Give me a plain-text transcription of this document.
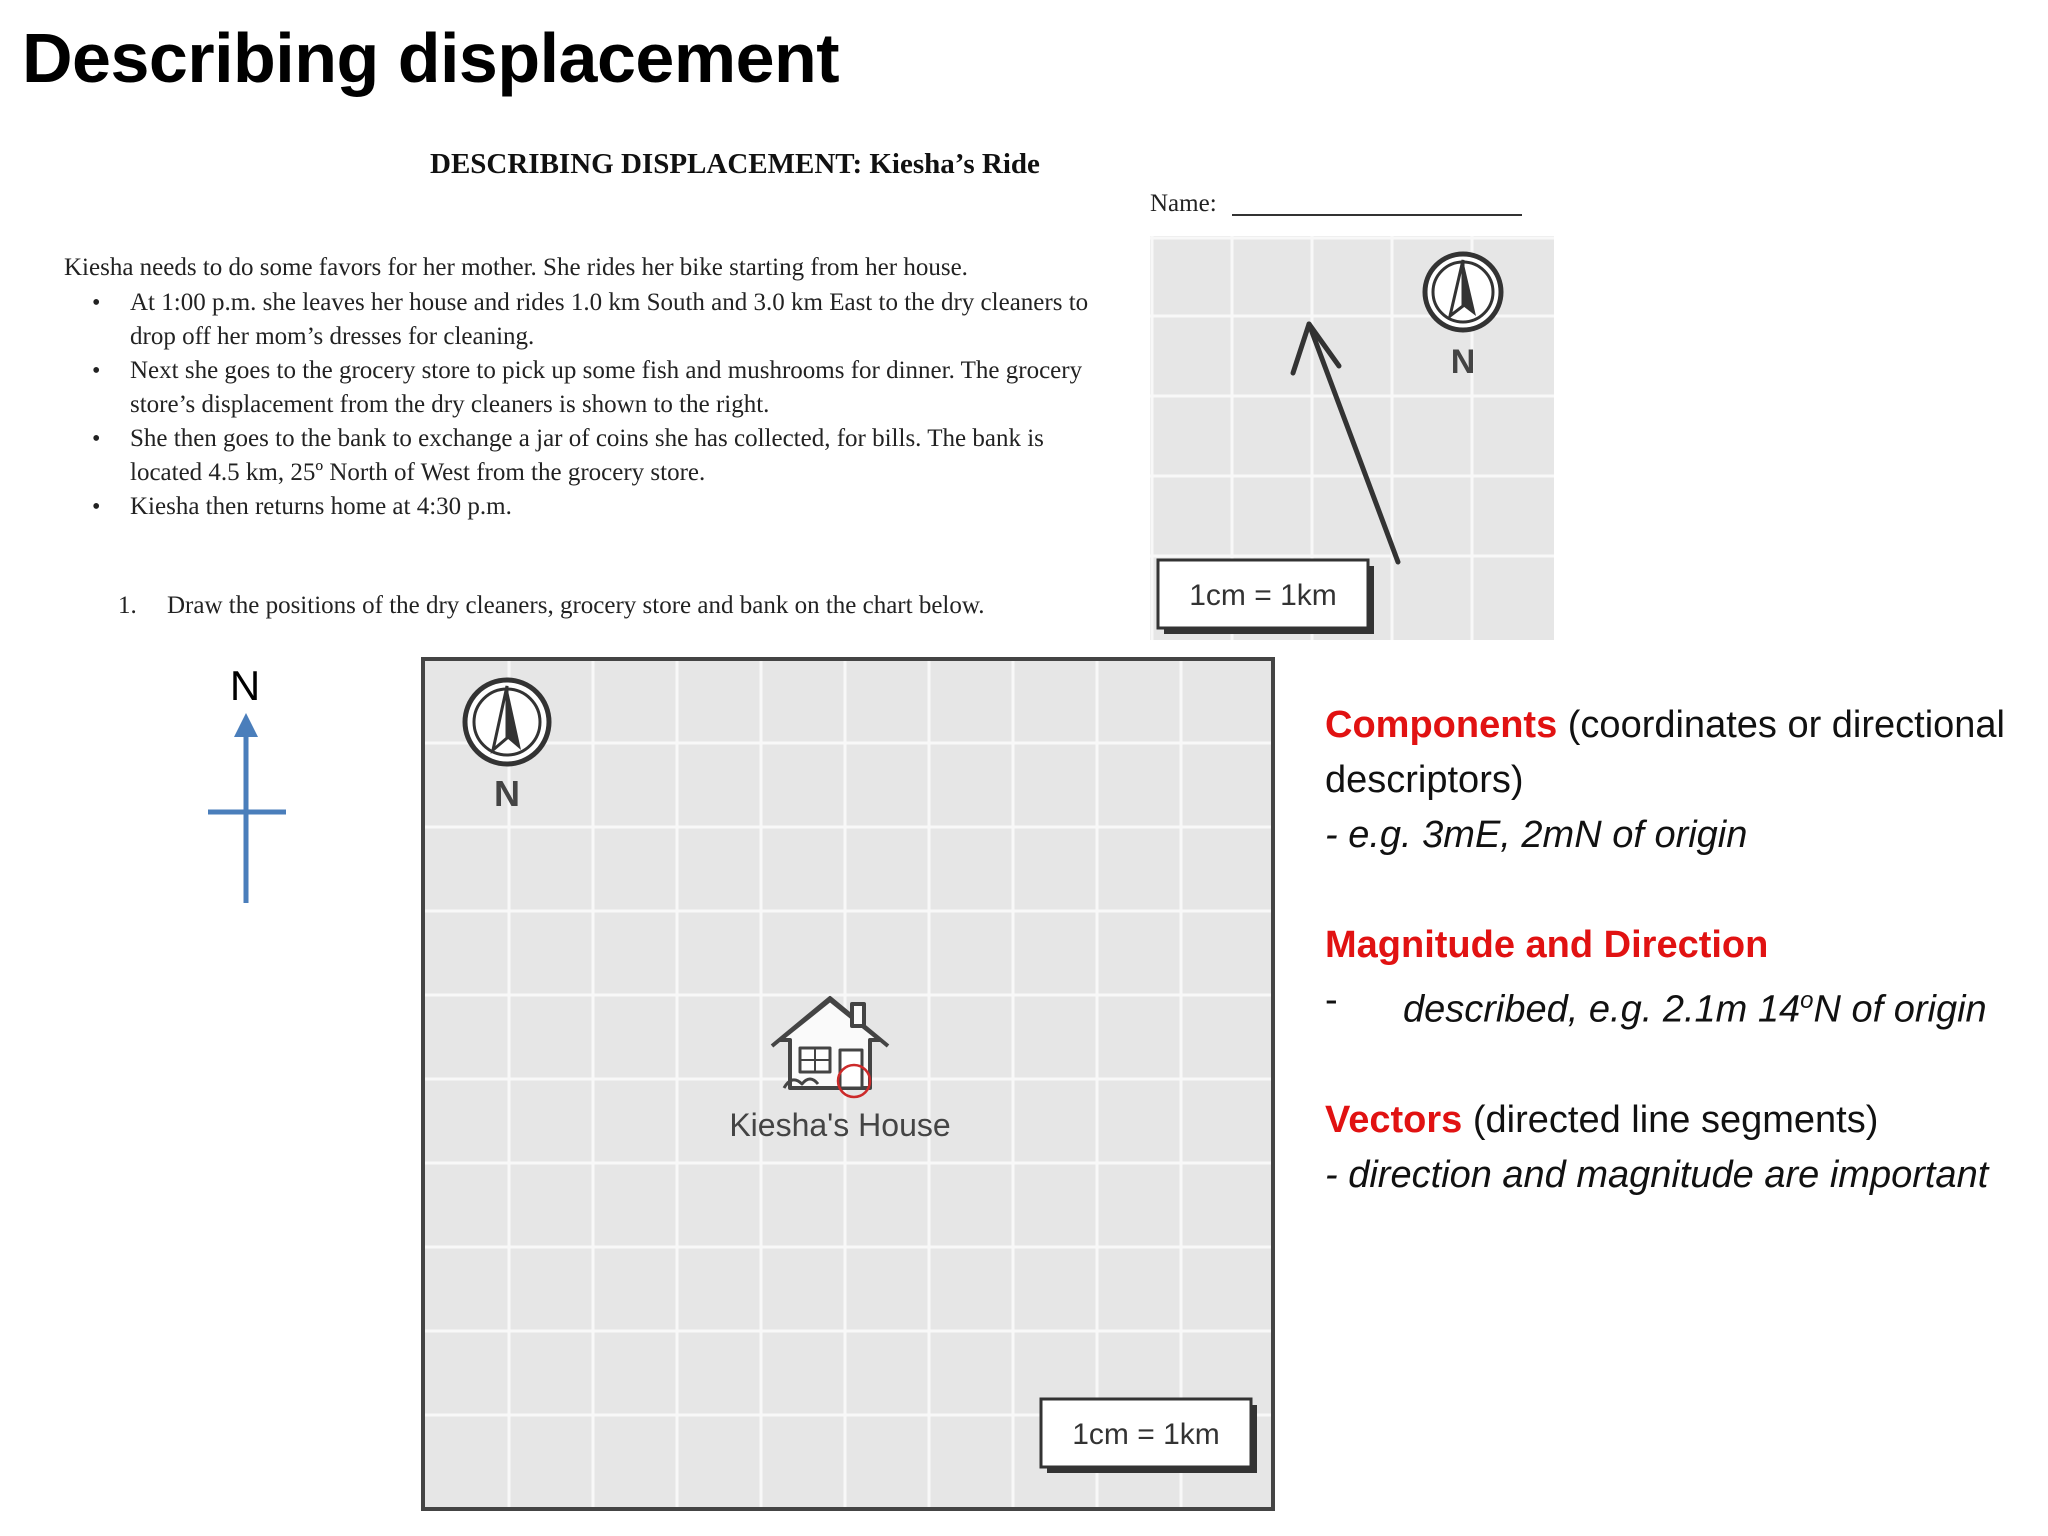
Describing displacement
DESCRIBING DISPLACEMENT: Kiesha’s Ride
Name:
Kiesha needs to do some favors for her mother. She rides her bike starting from her house.
• At 1:00 p.m. she leaves her house and rides 1.0 km South and 3.0 km East to the dry cleaners to drop off her mom’s dresses for cleaning.
• Next she goes to the grocery store to pick up some fish and mushrooms for dinner. The grocery store’s displacement from the dry cleaners is shown to the right.
• She then goes to the bank to exchange a jar of coins she has collected, for bills. The bank is located 4.5 km, 25º North of West from the grocery store.
• Kiesha then returns home at 4:30 p.m.
1. Draw the positions of the dry cleaners, grocery store and bank on the chart below.
N
1cm = 1km
N
N
Kiesha's House
1cm = 1km
Components (coordinates or directional descriptors)
- e.g. 3mE, 2mN of origin
Magnitude and Direction
-	described, e.g. 2.1m 14$^o$N of origin
Vectors (directed line segments)
- direction and magnitude are important
